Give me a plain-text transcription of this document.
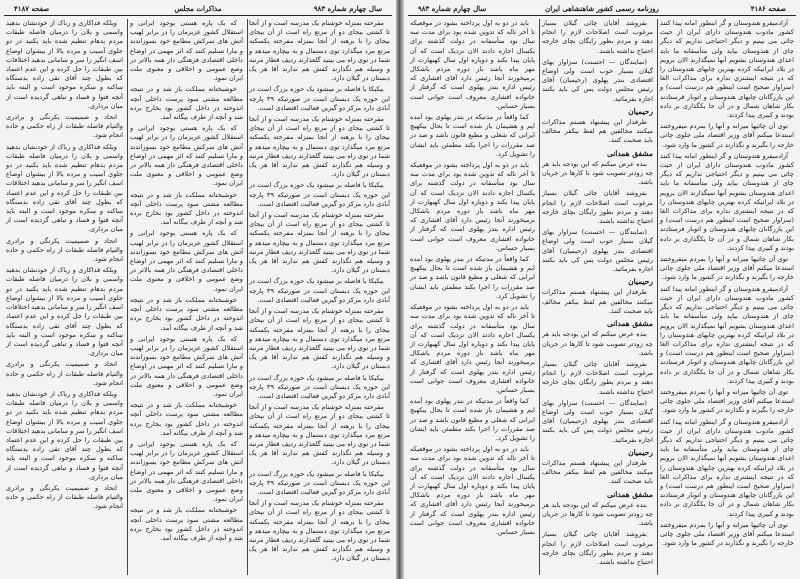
سال چهارم شماره ۹۸۳
مذاکرات مجلس
صفحه ۴۱۸۷

مفرحته بمنزله خوشنام یک مدرسه است و از آنجا تا کشتی بیجای دو از مرتع راه است از آن بیجای بیجای را با برهنه از آنجا بمنزله مفرحته یکسکنه مرتع مرد میگذارد توی دستمال و به بیچاره میدهد و شما در توی راه می بینید گلعذارند ردیف قطار مرتبه و وسیله هم نگذارند کفش هم ندارند آقا هر یک دبستان در گیلان دارد.

بیکیکا با فاصله بر میشود یک حوزه بزرگ است در این حوزه یک دبستان است در صورتیکه ۳۹ پارچه آبادی دارد مرکز دو گیرین فعالیت اقتصادی است.

مفرحته بمنزله خوشنام یک مدرسه است و از آنجا تا کشتی بیجای دو از مرتع راه است از آن بیجای بیجای را با برهنه از آنجا بمنزله مفرحته یکسکنه مرتع مرد میگذارد توی دستمال و به بیچاره میدهد و شما در توی راه می بینید گلعذارند ردیف قطار مرتبه و وسیله هم نگذارند کفش هم ندارند آقا هر یک دبستان در گیلان دارد.

بیکیکا با فاصله بر میشود یک حوزه بزرگ است در این حوزه یک دبستان است در صورتیکه ۳۹ پارچه آبادی دارد مرکز دو گیرین فعالیت اقتصادی است.

مفرحته بمنزله خوشنام یک مدرسه است و از آنجا تا کشتی بیجای دو از مرتع راه است از آن بیجای بیجای را با برهنه از آنجا بمنزله مفرحته یکسکنه مرتع مرد میگذارد توی دستمال و به بیچاره میدهد و شما در توی راه می بینید گلعذارند ردیف قطار مرتبه و وسیله هم نگذارند کفش هم ندارند آقا هر یک دبستان در گیلان دارد.

بیکیکا با فاصله بر میشود یک حوزه بزرگ است در این حوزه یک دبستان است در صورتیکه ۳۹ پارچه آبادی دارد مرکز دو گیرین فعالیت اقتصادی است.

مفرحته بمنزله خوشنام یک مدرسه است و از آنجا تا کشتی بیجای دو از مرتع راه است از آن بیجای بیجای را با برهنه از آنجا بمنزله مفرحته یکسکنه مرتع مرد میگذارد توی دستمال و به بیچاره میدهد و شما در توی راه می بینید گلعذارند ردیف قطار مرتبه و وسیله هم نگذارند کفش هم ندارند آقا هر یک دبستان در گیلان دارد.

بیکیکا با فاصله بر میشود یک حوزه بزرگ است در این حوزه یک دبستان است در صورتیکه ۳۹ پارچه آبادی دارد مرکز دو گیرین فعالیت اقتصادی است.

مفرحته بمنزله خوشنام یک مدرسه است و از آنجا تا کشتی بیجای دو از مرتع راه است از آن بیجای بیجای را با برهنه از آنجا بمنزله مفرحته یکسکنه مرتع مرد میگذارد توی دستمال و به بیچاره میدهد و شما در توی راه می بینید گلعذارند ردیف قطار مرتبه و وسیله هم نگذارند کفش هم ندارند آقا هر یک دبستان در گیلان دارد.

بیکیکا با فاصله بر میشود یک حوزه بزرگ است در این حوزه یک دبستان است در صورتیکه ۳۹ پارچه آبادی دارد مرکز دو گیرین فعالیت اقتصادی است.

مفرحته بمنزله خوشنام یک مدرسه است و از آنجا تا کشتی بیجای دو از مرتع راه است از آن بیجای بیجای را با برهنه از آنجا بمنزله مفرحته یکسکنه مرتع مرد میگذارد توی دستمال و به بیچاره میدهد و شما در توی راه می بینید گلعذارند ردیف قطار مرتبه و وسیله هم نگذارند کفش هم ندارند آقا هر یک دبستان در گیلان دارد.

که یک پاره هستی بوجود ایرانی و استقلال کشور عزیزمان را در برابر لهیب آتش های سرکش مطامع خود بسوزاندند و مارا تسلیم کنند که اثر مهمی در اوضاع داخلی اقتصادی فرهنگی داز همه بالاتر در وضع عمومی و اخلاقی و معنوی ملت ایران نمود.

خوشبختانه مملکت باز شد و در نتیجه مطالعه مشتی سود پرست داخلی آنچه اندوخته در داخل کشور بود بخارج برده شد و آنچه از طرف بیگانه آمد.

که یک پاره هستی بوجود ایرانی و استقلال کشور عزیزمان را در برابر لهیب آتش های سرکش مطامع خود بسوزاندند و مارا تسلیم کنند که اثر مهمی در اوضاع داخلی اقتصادی فرهنگی داز همه بالاتر در وضع عمومی و اخلاقی و معنوی ملت ایران نمود.

خوشبختانه مملکت باز شد و در نتیجه مطالعه مشتی سود پرست داخلی آنچه اندوخته در داخل کشور بود بخارج برده شد و آنچه از طرف بیگانه آمد.

که یک پاره هستی بوجود ایرانی و استقلال کشور عزیزمان را در برابر لهیب آتش های سرکش مطامع خود بسوزاندند و مارا تسلیم کنند که اثر مهمی در اوضاع داخلی اقتصادی فرهنگی داز همه بالاتر در وضع عمومی و اخلاقی و معنوی ملت ایران نمود.

خوشبختانه مملکت باز شد و در نتیجه مطالعه مشتی سود پرست داخلی آنچه اندوخته در داخل کشور بود بخارج برده شد و آنچه از طرف بیگانه آمد.

که یک پاره هستی بوجود ایرانی و استقلال کشور عزیزمان را در برابر لهیب آتش های سرکش مطامع خود بسوزاندند و مارا تسلیم کنند که اثر مهمی در اوضاع داخلی اقتصادی فرهنگی داز همه بالاتر در وضع عمومی و اخلاقی و معنوی ملت ایران نمود.

خوشبختانه مملکت باز شد و در نتیجه مطالعه مشتی سود پرست داخلی آنچه اندوخته در داخل کشور بود بخارج برده شد و آنچه از طرف بیگانه آمد.

که یک پاره هستی بوجود ایرانی و استقلال کشور عزیزمان را در برابر لهیب آتش های سرکش مطامع خود بسوزاندند و مارا تسلیم کنند که اثر مهمی در اوضاع داخلی اقتصادی فرهنگی داز همه بالاتر در وضع عمومی و اخلاقی و معنوی ملت ایران نمود.

خوشبختانه مملکت باز شد و در نتیجه مطالعه مشتی سود پرست داخلی آنچه اندوخته در داخل کشور بود بخارج برده شد و آنچه از طرف بیگانه آمد.

وبلکه فداکاری و رباک از خودنشان بدهید واسمی و بلان را درمیان فاصله طبقات مردم بدهام تنظیم شده باید بکنید در دو جلوی آسیب و مرده بالا از بیشوان اوضاع اسف انگیز را سر و سامانی بدهید اختلافات بین طبقات را حل کرده و این عدم اعتماد که بطول چند آقای تقی زاده بدستگاه ساکنه و سکره موجود است و البته باید آنچه فتوا و فساد و تباهی گردیده است از میان برداری.

اتحاد و صمیمیت یکرنگی و برادری والتیام فاصله طبقات از راه حکمی و حاده انجام شود.

وبلکه فداکاری و رباک از خودنشان بدهید واسمی و بلان را درمیان فاصله طبقات مردم بدهام تنظیم شده باید بکنید در دو جلوی آسیب و مرده بالا از بیشوان اوضاع اسف انگیز را سر و سامانی بدهید اختلافات بین طبقات را حل کرده و این عدم اعتماد که بطول چند آقای تقی زاده بدستگاه ساکنه و سکره موجود است و البته باید آنچه فتوا و فساد و تباهی گردیده است از میان برداری.

اتحاد و صمیمیت یکرنگی و برادری والتیام فاصله طبقات از راه حکمی و حاده انجام شود.

وبلکه فداکاری و رباک از خودنشان بدهید واسمی و بلان را درمیان فاصله طبقات مردم بدهام تنظیم شده باید بکنید در دو جلوی آسیب و مرده بالا از بیشوان اوضاع اسف انگیز را سر و سامانی بدهید اختلافات بین طبقات را حل کرده و این عدم اعتماد که بطول چند آقای تقی زاده بدستگاه ساکنه و سکره موجود است و البته باید آنچه فتوا و فساد و تباهی گردیده است از میان برداری.

اتحاد و صمیمیت یکرنگی و برادری والتیام فاصله طبقات از راه حکمی و حاده انجام شود.

وبلکه فداکاری و رباک از خودنشان بدهید واسمی و بلان را درمیان فاصله طبقات مردم بدهام تنظیم شده باید بکنید در دو جلوی آسیب و مرده بالا از بیشوان اوضاع اسف انگیز را سر و سامانی بدهید اختلافات بین طبقات را حل کرده و این عدم اعتماد که بطول چند آقای تقی زاده بدستگاه ساکنه و سکره موجود است و البته باید آنچه فتوا و فساد و تباهی گردیده است از میان برداری.

اتحاد و صمیمیت یکرنگی و برادری والتیام فاصله طبقات از راه حکمی و حاده انجام شود.

صفحه ۴۱۸۶
روزنامه رسمی کشور شاهنشاهی ایران
سال چهارم شماره ۹۸۳

آزادمیفرو هندوستان و گر اینطور امانه پیدا کنند کشور مادوب هندوستان دارای ایران از حیث چائی می بینیم و دیگر احتیاجی نداریم که دیگر چای از هندوستان بیاید ولی متأسفانه ما باید اعدای هندوستان بشویم آنها نمیگذارند الان برویم در بلاد ایرانیکه کرده بهترین چایهای هندوستان را که در نتیجه اینشتری نداره برای مذاکرات الغا (سزاوار صحیح است اینطور هم درست است) و این بازرگانان چایهای هندوستان و اتوبار فرستادند بکار شاهان شمال و در آن جا یکگذاری بر داده بودند و کبیری پیدا کردند.

توی آن چائیها میزانه و آنها را بمردم میفروختند استدعا میکنم آقای وزیر اقتصاد ملی جلوی چائی خارجه را بگیرند و نگذارند در کشور ما وارد شود.

آزادمیفرو هندوستان و گر اینطور امانه پیدا کنند کشور مادوب هندوستان دارای ایران از حیث چائی می بینیم و دیگر احتیاجی نداریم که دیگر چای از هندوستان بیاید ولی متأسفانه ما باید اعدای هندوستان بشویم آنها نمیگذارند الان برویم در بلاد ایرانیکه کرده بهترین چایهای هندوستان را که در نتیجه اینشتری نداره برای مذاکرات الغا (سزاوار صحیح است اینطور هم درست است) و این بازرگانان چایهای هندوستان و اتوبار فرستادند بکار شاهان شمال و در آن جا یکگذاری بر داده بودند و کبیری پیدا کردند.

توی آن چائیها میزانه و آنها را بمردم میفروختند استدعا میکنم آقای وزیر اقتصاد ملی جلوی چائی خارجه را بگیرند و نگذارند در کشور ما وارد شود.

آزادمیفرو هندوستان و گر اینطور امانه پیدا کنند کشور مادوب هندوستان دارای ایران از حیث چائی می بینیم و دیگر احتیاجی نداریم که دیگر چای از هندوستان بیاید ولی متأسفانه ما باید اعدای هندوستان بشویم آنها نمیگذارند الان برویم در بلاد ایرانیکه کرده بهترین چایهای هندوستان را که در نتیجه اینشتری نداره برای مذاکرات الغا (سزاوار صحیح است اینطور هم درست است) و این بازرگانان چایهای هندوستان و اتوبار فرستادند بکار شاهان شمال و در آن جا یکگذاری بر داده بودند و کبیری پیدا کردند.

توی آن چائیها میزانه و آنها را بمردم میفروختند استدعا میکنم آقای وزیر اقتصاد ملی جلوی چائی خارجه را بگیرند و نگذارند در کشور ما وارد شود.

آزادمیفرو هندوستان و گر اینطور امانه پیدا کنند کشور مادوب هندوستان دارای ایران از حیث چائی می بینیم و دیگر احتیاجی نداریم که دیگر چای از هندوستان بیاید ولی متأسفانه ما باید اعدای هندوستان بشویم آنها نمیگذارند الان برویم در بلاد ایرانیکه کرده بهترین چایهای هندوستان را که در نتیجه اینشتری نداره برای مذاکرات الغا (سزاوار صحیح است اینطور هم درست است) و این بازرگانان چایهای هندوستان و اتوبار فرستادند بکار شاهان شمال و در آن جا یکگذاری بر داده بودند و کبیری پیدا کردند.

توی آن چائیها میزانه و آنها را بمردم میفروختند استدعا میکنم آقای وزیر اقتصاد ملی جلوی چائی خارجه را بگیرند و نگذارند در کشور ما وارد شود.

بفروشد آقایان چائی گیلان بسیار مرغوب است اصلاحات لازم را انجام دهند و مردم بطور رایگان بچای خارجه احتیاج نداشته باشند.

(نمایندگان — احسنت) سزاوار بهای گیلان بسیار خوب است ولی اوضاع اقتصادی بندر پهلوی (رحیمیان) آقای رئیس مجلس دولت پس کی باید بکنند اجازه بفرمائید.

رحیمیان

طرفدار این پیشنهاد هستم مذاکرات میکنند مخالفین هم لفظ بیکفر مخالف باید صحبت کنند.

مشفق همدانی

بنده عرض میکنم که این بودجه باید هر چه زودتر تصویب شود تا کارها در جریان باشد.

بفروشد آقایان چائی گیلان بسیار مرغوب است اصلاحات لازم را انجام دهند و مردم بطور رایگان بچای خارجه احتیاج نداشته باشند.

(نمایندگان — احسنت) سزاوار بهای گیلان بسیار خوب است ولی اوضاع اقتصادی بندر پهلوی (رحیمیان) آقای رئیس مجلس دولت پس کی باید بکنند اجازه بفرمائید.

رحیمیان

طرفدار این پیشنهاد هستم مذاکرات میکنند مخالفین هم لفظ بیکفر مخالف باید صحبت کنند.

مشفق همدانی

بنده عرض میکنم که این بودجه باید هر چه زودتر تصویب شود تا کارها در جریان باشد.

بفروشد آقایان چائی گیلان بسیار مرغوب است اصلاحات لازم را انجام دهند و مردم بطور رایگان بچای خارجه احتیاج نداشته باشند.

(نمایندگان — احسنت) سزاوار بهای گیلان بسیار خوب است ولی اوضاع اقتصادی بندر پهلوی (رحیمیان) آقای رئیس مجلس دولت پس کی باید بکنند اجازه بفرمائید.

رحیمیان

طرفدار این پیشنهاد هستم مذاکرات میکنند مخالفین هم لفظ بیکفر مخالف باید صحبت کنند.

مشفق همدانی

بنده عرض میکنم که این بودجه باید هر چه زودتر تصویب شود تا کارها در جریان باشد.

بفروشد آقایان چائی گیلان بسیار مرغوب است اصلاحات لازم را انجام دهند و مردم بطور رایگان بچای خارجه احتیاج نداشته باشند.

باید در دو به اول پرداخته بشود در موقعیکه تا آخر ناله که تدوین شده بود برای مدت سه سال بود متأسفانه در دولت گذشته برای یکسال اجازه دادند الان نزدیک است که آن پایان پیدا بکند و دوباره اول سال کهبهارت از مهر ماه باشد باز دوره مردم باشکال برمیخورند آنجا رئیس دارد آقای افشاری که رئیس اداره بندر پهلوی است که گرفتار از خانواده افشاری معروف است جوانی است بسیار حساس.

کما واقعاً در مدتیکه در بندر پهلوی بود آمده ایم و هشیمان باز شده است تا بحال بیکهیچ ایرانی که شغلی و مطیع قانون باشد و صد در صد مقررات را اجرا بکند مطمئن باید ایشان را تشویل کرد.

باید در دو به اول پرداخته بشود در موقعیکه تا آخر ناله که تدوین شده بود برای مدت سه سال بود متأسفانه در دولت گذشته برای یکسال اجازه دادند الان نزدیک است که آن پایان پیدا بکند و دوباره اول سال کهبهارت از مهر ماه باشد باز دوره مردم باشکال برمیخورند آنجا رئیس دارد آقای افشاری که رئیس اداره بندر پهلوی است که گرفتار از خانواده افشاری معروف است جوانی است بسیار حساس.

کما واقعاً در مدتیکه در بندر پهلوی بود آمده ایم و هشیمان باز شده است تا بحال بیکهیچ ایرانی که شغلی و مطیع قانون باشد و صد در صد مقررات را اجرا بکند مطمئن باید ایشان را تشویل کرد.

باید در دو به اول پرداخته بشود در موقعیکه تا آخر ناله که تدوین شده بود برای مدت سه سال بود متأسفانه در دولت گذشته برای یکسال اجازه دادند الان نزدیک است که آن پایان پیدا بکند و دوباره اول سال کهبهارت از مهر ماه باشد باز دوره مردم باشکال برمیخورند آنجا رئیس دارد آقای افشاری که رئیس اداره بندر پهلوی است که گرفتار از خانواده افشاری معروف است جوانی است بسیار حساس.

کما واقعاً در مدتیکه در بندر پهلوی بود آمده ایم و هشیمان باز شده است تا بحال بیکهیچ ایرانی که شغلی و مطیع قانون باشد و صد در صد مقررات را اجرا بکند مطمئن باید ایشان را تشویل کرد.

باید در دو به اول پرداخته بشود در موقعیکه تا آخر ناله که تدوین شده بود برای مدت سه سال بود متأسفانه در دولت گذشته برای یکسال اجازه دادند الان نزدیک است که آن پایان پیدا بکند و دوباره اول سال کهبهارت از مهر ماه باشد باز دوره مردم باشکال برمیخورند آنجا رئیس دارد آقای افشاری که رئیس اداره بندر پهلوی است که گرفتار از خانواده افشاری معروف است جوانی است بسیار حساس.
